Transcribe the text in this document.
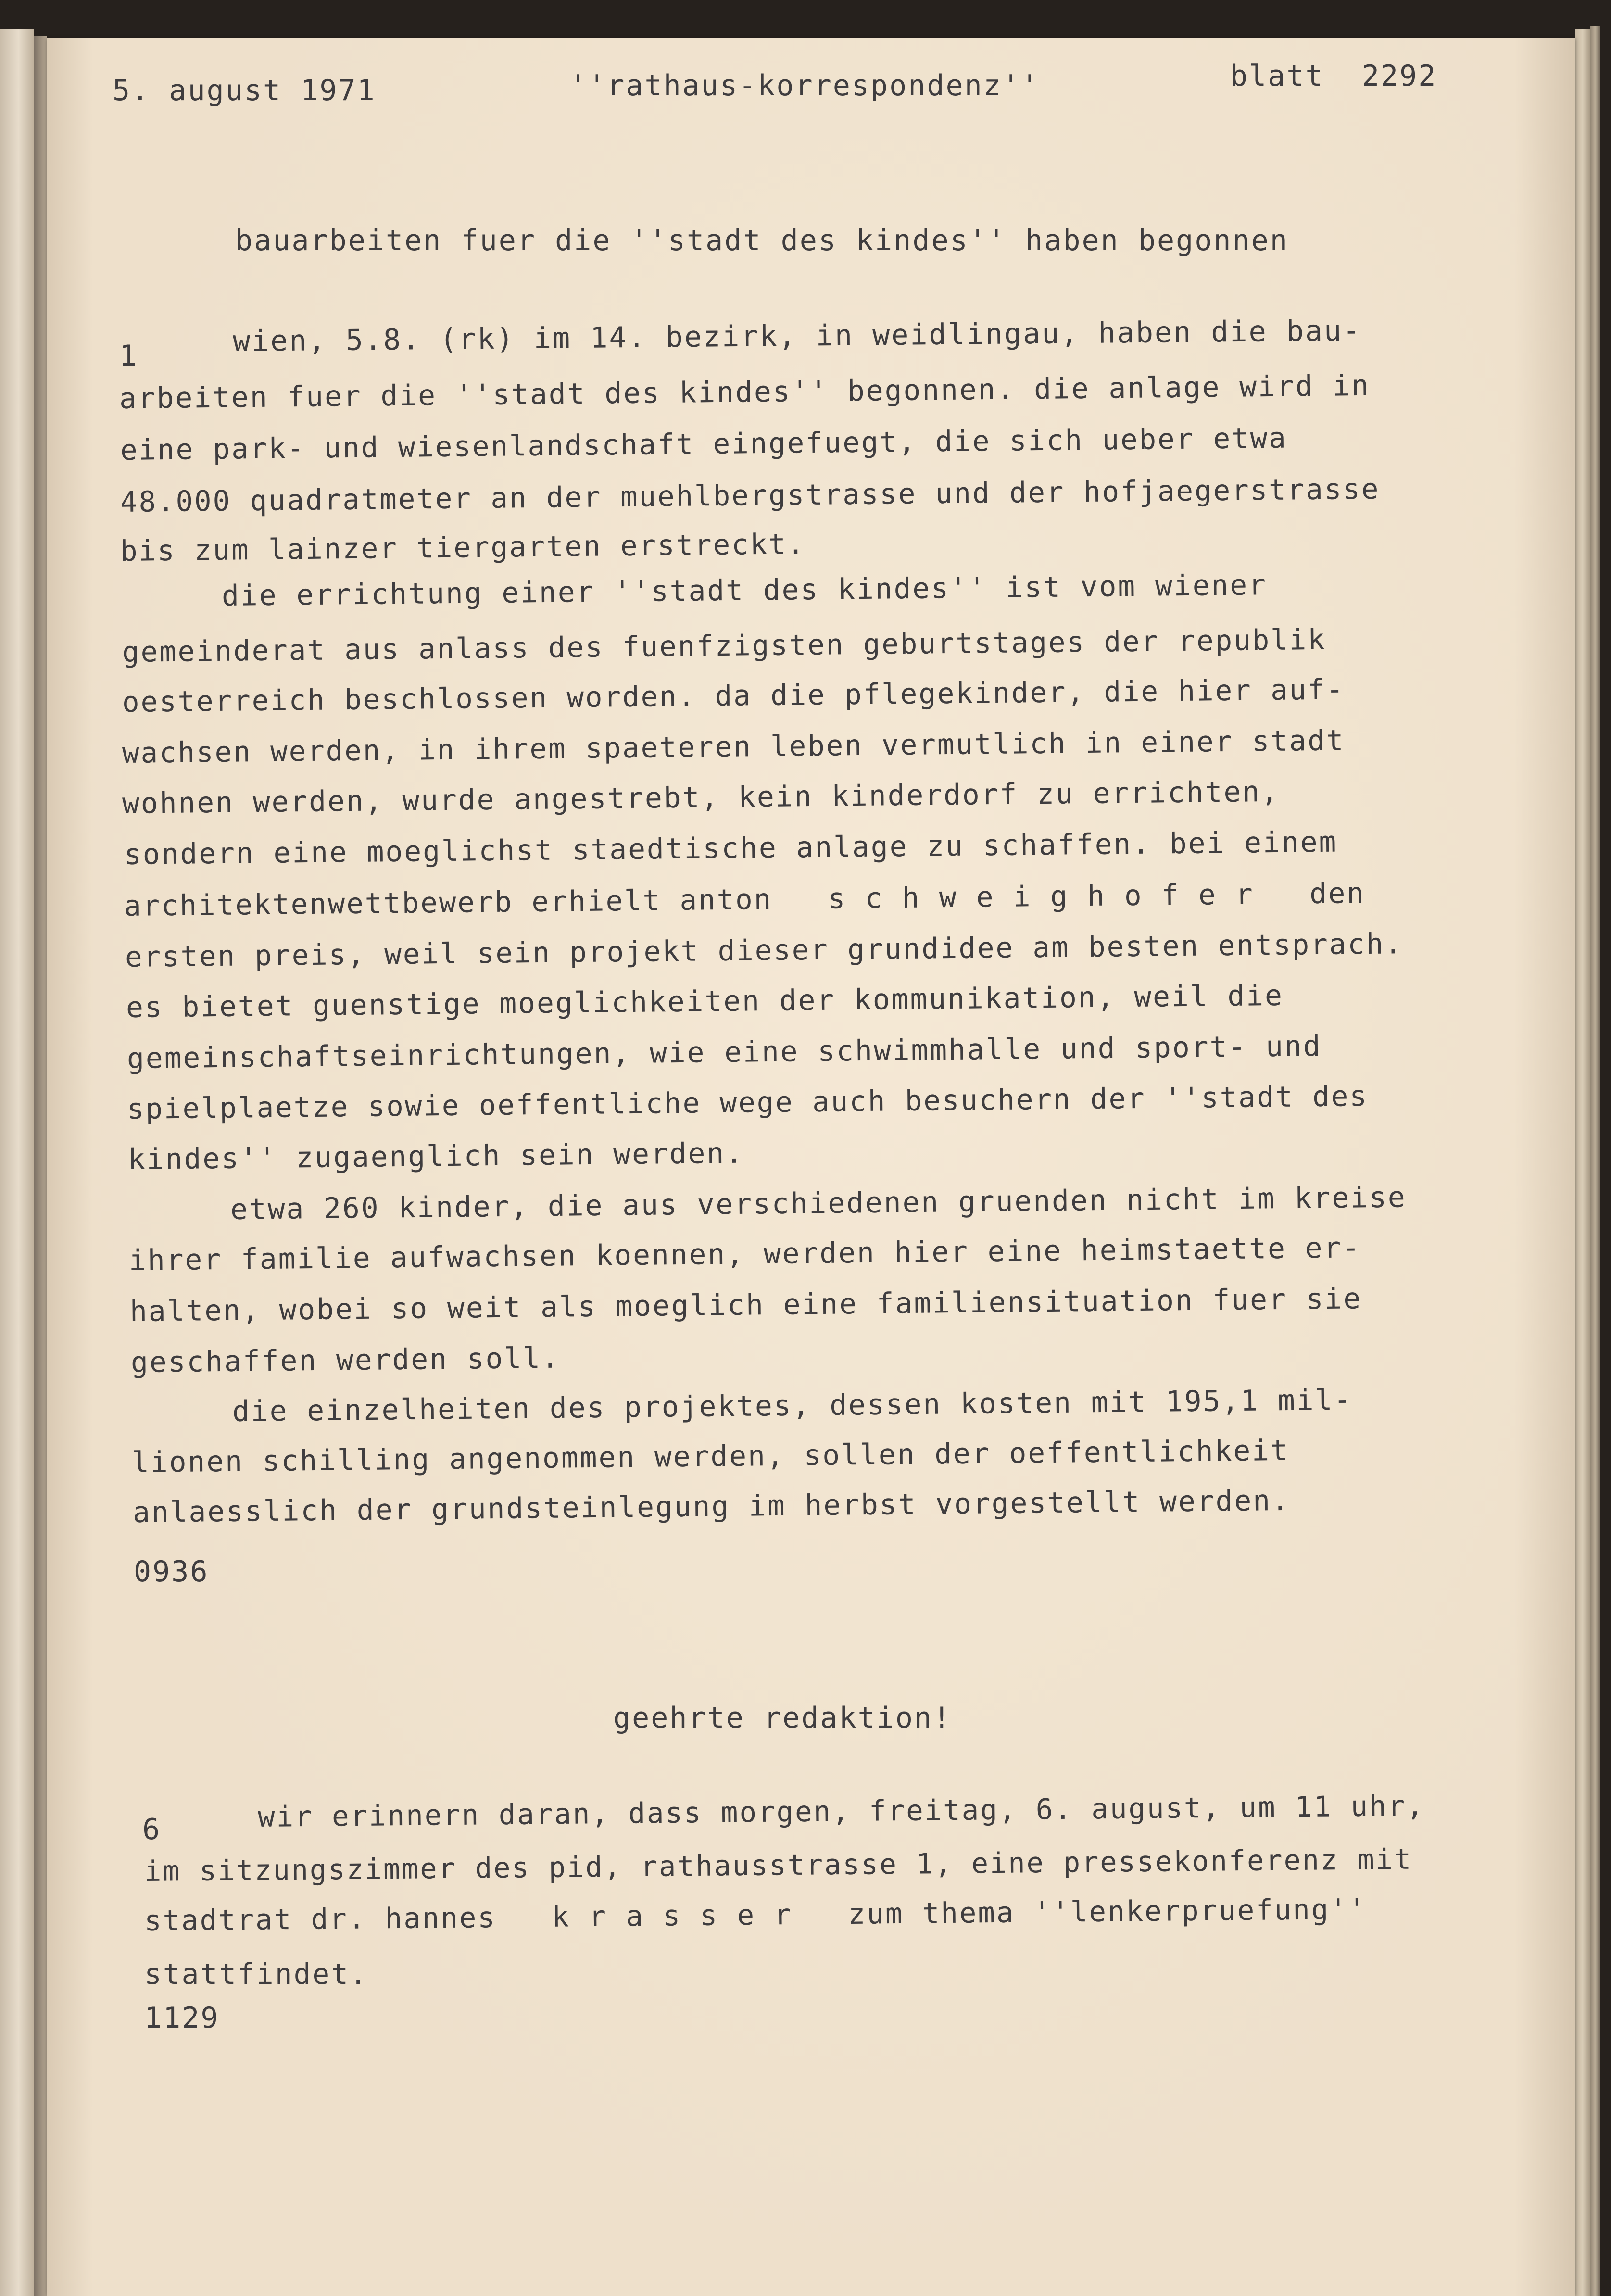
5. august 1971	''rathaus-korrespondenz''	blatt  2292
bauarbeiten fuer die ''stadt des kindes'' haben begonnen
1	wien, 5.8. (rk) im 14. bezirk, in weidlingau, haben die bau-
arbeiten fuer die ''stadt des kindes'' begonnen. die anlage wird in
eine park- und wiesenlandschaft eingefuegt, die sich ueber etwa
48.000 quadratmeter an der muehlbergstrasse und der hofjaegerstrasse
bis zum lainzer tiergarten erstreckt.
die errichtung einer ''stadt des kindes'' ist vom wiener
gemeinderat aus anlass des fuenfzigsten geburtstages der republik
oesterreich beschlossen worden. da die pflegekinder, die hier auf-
wachsen werden, in ihrem spaeteren leben vermutlich in einer stadt
wohnen werden, wurde angestrebt, kein kinderdorf zu errichten,
sondern eine moeglichst staedtische anlage zu schaffen. bei einem
architektenwettbewerb erhielt anton   s c h w e i g h o f e r   den
ersten preis, weil sein projekt dieser grundidee am besten entsprach.
es bietet guenstige moeglichkeiten der kommunikation, weil die
gemeinschaftseinrichtungen, wie eine schwimmhalle und sport- und
spielplaetze sowie oeffentliche wege auch besuchern der ''stadt des
kindes'' zugaenglich sein werden.
etwa 260 kinder, die aus verschiedenen gruenden nicht im kreise
ihrer familie aufwachsen koennen, werden hier eine heimstaette er-
halten, wobei so weit als moeglich eine familiensituation fuer sie
geschaffen werden soll.
die einzelheiten des projektes, dessen kosten mit 195,1 mil-
lionen schilling angenommen werden, sollen der oeffentlichkeit
anlaesslich der grundsteinlegung im herbst vorgestellt werden.
0936
geehrte redaktion!
6	wir erinnern daran, dass morgen, freitag, 6. august, um 11 uhr,
im sitzungszimmer des pid, rathausstrasse 1, eine pressekonferenz mit
stadtrat dr. hannes   k r a s s e r   zum thema ''lenkerpruefung''
stattfindet.
1129
